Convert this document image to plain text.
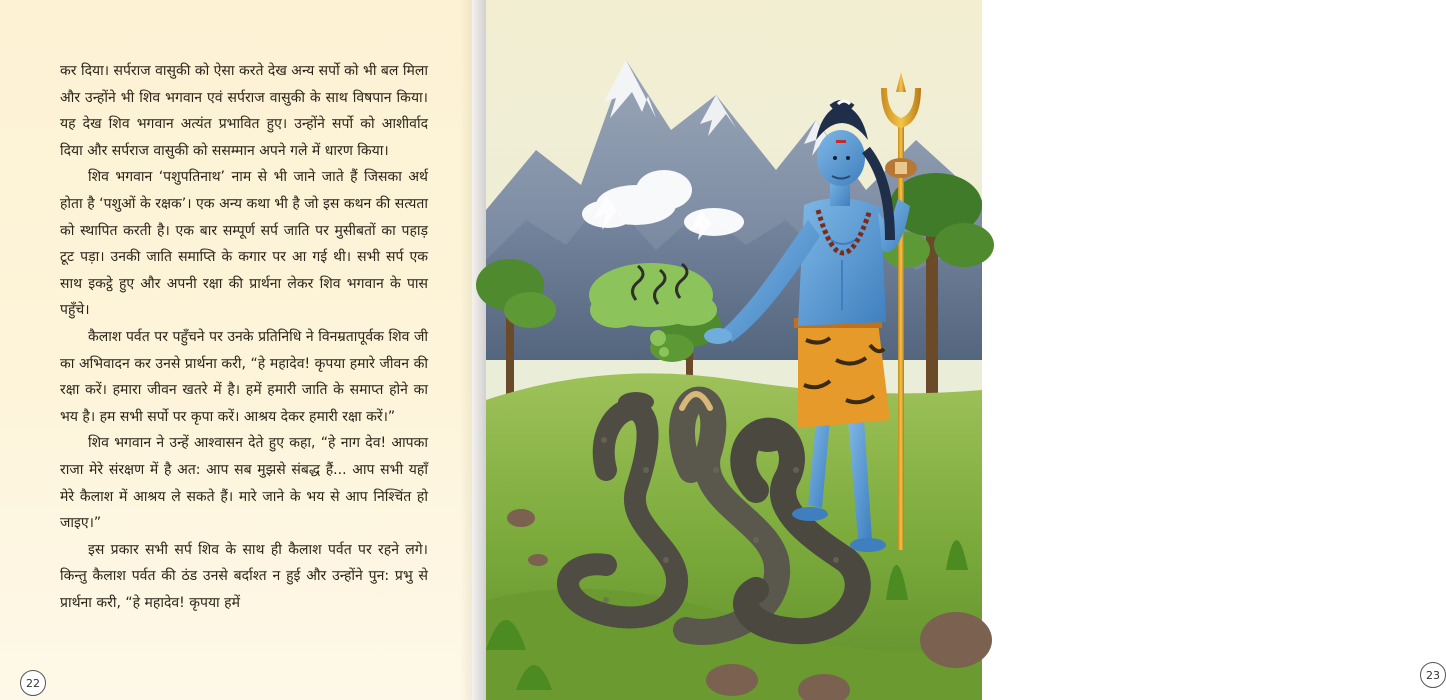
कर दिया। सर्पराज वासुकी को ऐसा करते देख अन्य सर्पो को भी बल मिला और उन्होंने भी शिव भगवान एवं सर्पराज वासुकी के साथ विषपान किया। यह देख शिव भगवान अत्यंत प्रभावित हुए। उन्होंने सर्पो को आशीर्वाद दिया और सर्पराज वासुकी को ससम्मान अपने गले में धारण किया।

शिव भगवान ‘पशुपतिनाथ’ नाम से भी जाने जाते हैं जिसका अर्थ होता है ‘पशुओं के रक्षक’। एक अन्य कथा भी है जो इस कथन की सत्यता को स्थापित करती है। एक बार सम्पूर्ण सर्प जाति पर मुसीबतों का पहाड़ टूट पड़ा। उनकी जाति समाप्ति के कगार पर आ गई थी। सभी सर्प एक साथ इकट्ठे हुए और अपनी रक्षा की प्रार्थना लेकर शिव भगवान के पास पहुँचे।

कैलाश पर्वत पर पहुँचने पर उनके प्रतिनिधि ने विनम्रतापूर्वक शिव जी का अभिवादन कर उनसे प्रार्थना करी, “हे महादेव! कृपया हमारे जीवन की रक्षा करें। हमारा जीवन खतरे में है। हमें हमारी जाति के समाप्त होने का भय है। हम सभी सर्पो पर कृपा करें। आश्रय देकर हमारी रक्षा करें।”

शिव भगवान ने उन्हें आश्वासन देते हुए कहा, “हे नाग देव! आपका राजा मेरे संरक्षण में है अत: आप सब मुझसे संबद्ध हैं... आप सभी यहाँ मेरे कैलाश में आश्रय ले सकते हैं। मारे जाने के भय से आप निश्चिंत हो जाइए।”

इस प्रकार सभी सर्प शिव के साथ ही कैलाश पर्वत पर रहने लगे। किन्तु कैलाश पर्वत की ठंड उनसे बर्दाश्त न हुई और उन्होंने पुन: प्रभु से प्रार्थना करी, “हे महादेव! कृपया हमें

22
23
